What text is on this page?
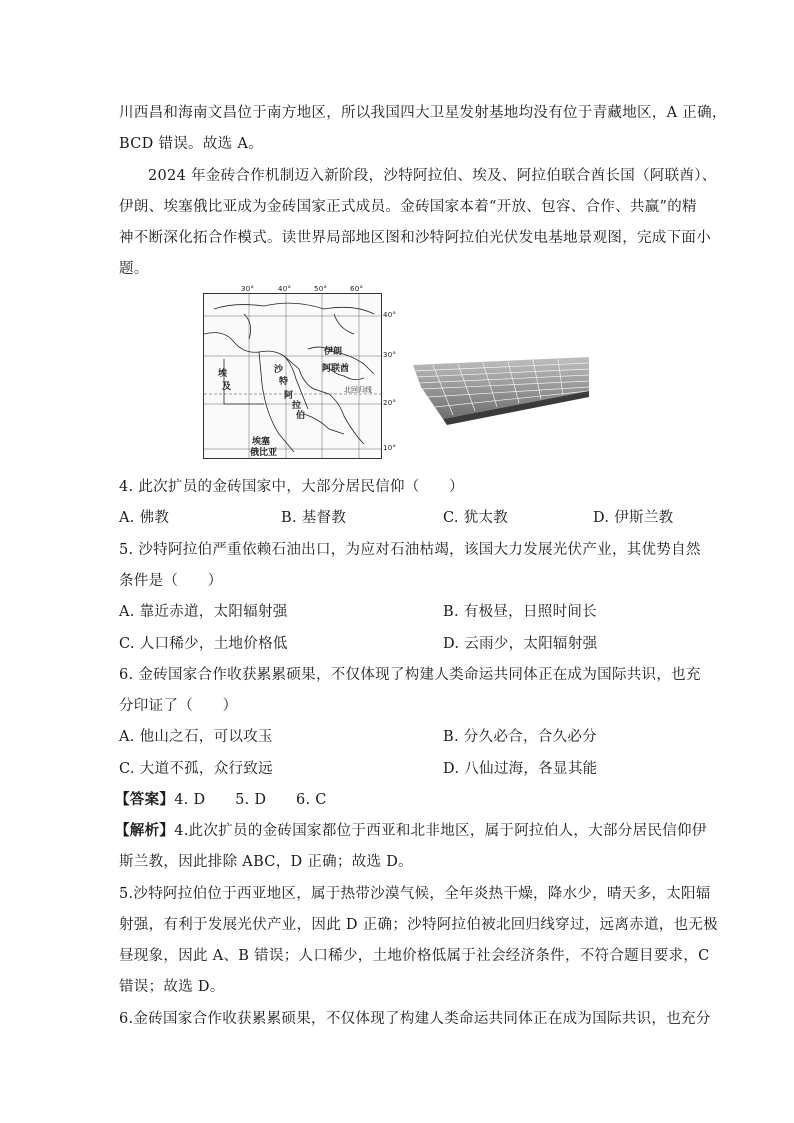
川西昌和海南文昌位于南方地区，所以我国四大卫星发射基地均没有位于青藏地区，A 正确，
BCD 错误。故选 A。
2024 年金砖合作机制迈入新阶段，沙特阿拉伯、埃及、阿拉伯联合酋长国（阿联酋）、
伊朗、埃塞俄比亚成为金砖国家正式成员。金砖国家本着“开放、包容、合作、共赢”的精
神不断深化拓合作模式。读世界局部地区图和沙特阿拉伯光伏发电基地景观图，完成下面小
题。
伊朗
阿联酋
沙
特
阿
拉
伯
埃
及
埃塞
俄比亚
北回归线
30°	40°	50°	60°
40°
30°
20°
10°
4. 此次扩员的金砖国家中，大部分居民信仰（　　）
A. 佛教	B. 基督教	C. 犹太教	D. 伊斯兰教
5. 沙特阿拉伯严重依赖石油出口，为应对石油枯竭，该国大力发展光伏产业，其优势自然
条件是（　　）
A. 靠近赤道，太阳辐射强	B. 有极昼，日照时间长
C. 人口稀少，土地价格低	D. 云雨少，太阳辐射强
6. 金砖国家合作收获累累硕果，不仅体现了构建人类命运共同体正在成为国际共识，也充
分印证了（　　）
A. 他山之石，可以攻玉	B. 分久必合，合久必分
C. 大道不孤，众行致远	D. 八仙过海，各显其能
【答案】4. D　　5. D　　6. C
【解析】4.此次扩员的金砖国家都位于西亚和北非地区，属于阿拉伯人，大部分居民信仰伊
斯兰教，因此排除 ABC，D 正确；故选 D。
5.沙特阿拉伯位于西亚地区，属于热带沙漠气候，全年炎热干燥，降水少，晴天多，太阳辐
射强，有利于发展光伏产业，因此 D 正确；沙特阿拉伯被北回归线穿过，远离赤道，也无极
昼现象，因此 A、B 错误；人口稀少，土地价格低属于社会经济条件，不符合题目要求，C
错误；故选 D。
6.金砖国家合作收获累累硕果，不仅体现了构建人类命运共同体正在成为国际共识，也充分
